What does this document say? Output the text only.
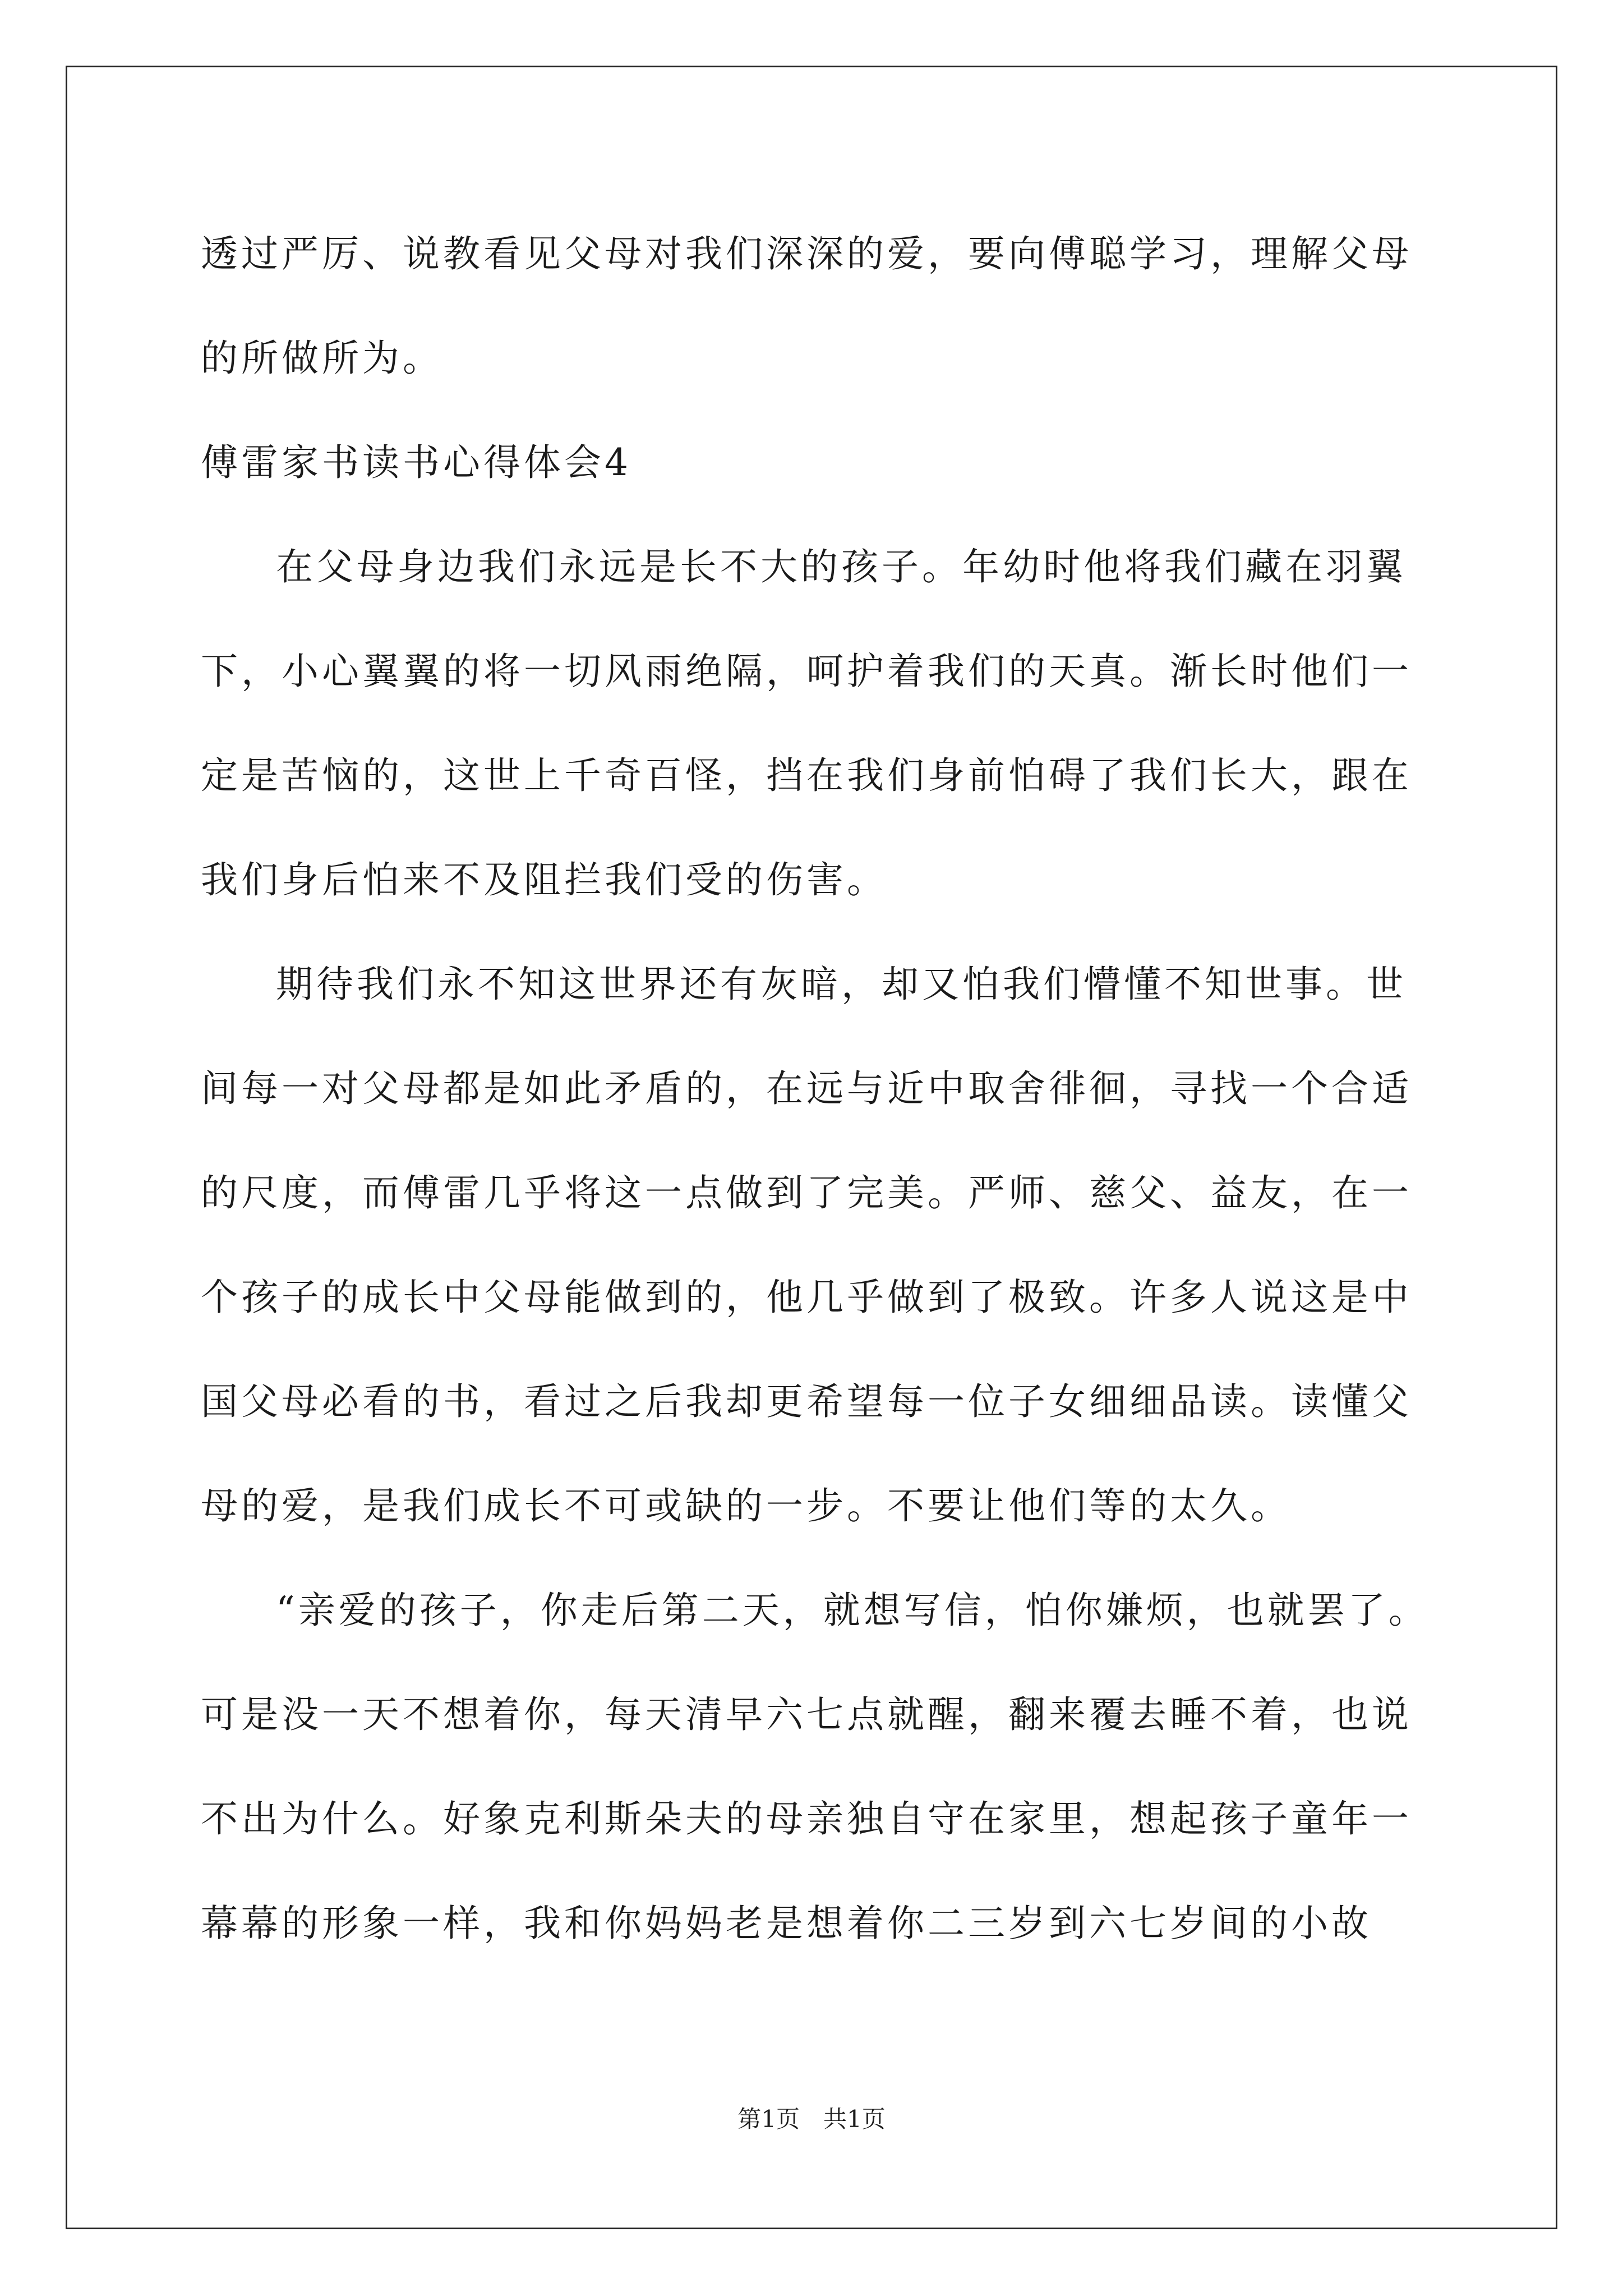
透过严厉、说教看见父母对我们深深的爱，要向傅聪学习，理解父母
的所做所为。
傅雷家书读书心得体会4
在父母身边我们永远是长不大的孩子。年幼时他将我们藏在羽翼
下，小心翼翼的将一切风雨绝隔，呵护着我们的天真。渐长时他们一
定是苦恼的，这世上千奇百怪，挡在我们身前怕碍了我们长大，跟在
我们身后怕来不及阻拦我们受的伤害。
期待我们永不知这世界还有灰暗，却又怕我们懵懂不知世事。世
间每一对父母都是如此矛盾的，在远与近中取舍徘徊，寻找一个合适
的尺度，而傅雷几乎将这一点做到了完美。严师、慈父、益友，在一
个孩子的成长中父母能做到的，他几乎做到了极致。许多人说这是中
国父母必看的书，看过之后我却更希望每一位子女细细品读。读懂父
母的爱，是我们成长不可或缺的一步。不要让他们等的太久。
“亲爱的孩子，你走后第二天，就想写信，怕你嫌烦，也就罢了。
可是没一天不想着你，每天清早六七点就醒，翻来覆去睡不着，也说
不出为什么。好象克利斯朵夫的母亲独自守在家里，想起孩子童年一
幕幕的形象一样，我和你妈妈老是想着你二三岁到六七岁间的小故
第1页　共1页
